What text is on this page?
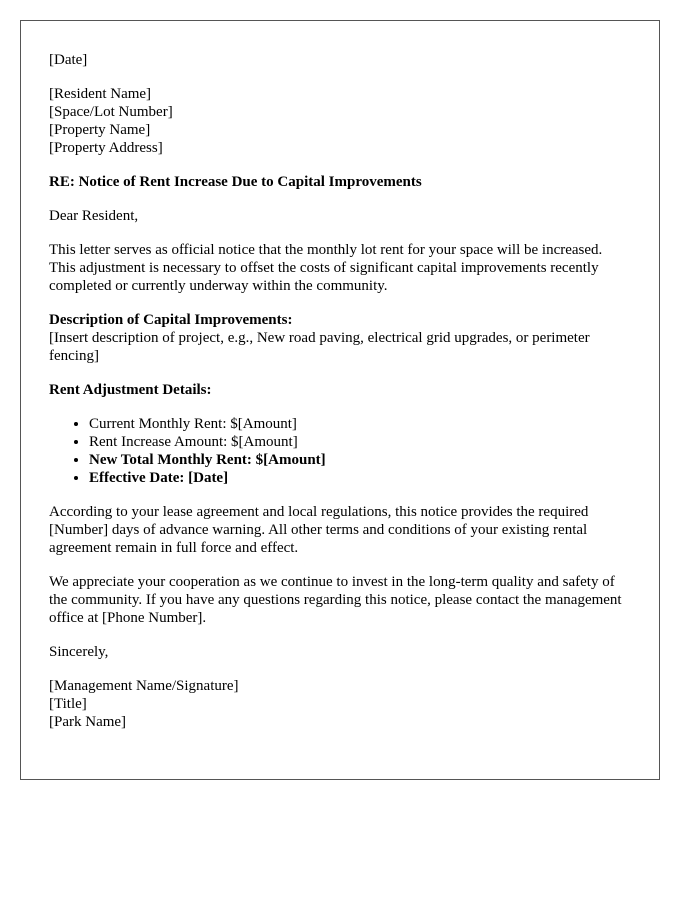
[Date]

[Resident Name]
[Space/Lot Number]
[Property Name]
[Property Address]

RE: Notice of Rent Increase Due to Capital Improvements

Dear Resident,

This letter serves as official notice that the monthly lot rent for your space will be increased. This adjustment is necessary to offset the costs of significant capital improvements recently completed or currently underway within the community.

Description of Capital Improvements:
[Insert description of project, e.g., New road paving, electrical grid upgrades, or perimeter fencing]

Rent Adjustment Details:

• Current Monthly Rent: $[Amount]
• Rent Increase Amount: $[Amount]
• New Total Monthly Rent: $[Amount]
• Effective Date: [Date]

According to your lease agreement and local regulations, this notice provides the required [Number] days of advance warning. All other terms and conditions of your existing rental agreement remain in full force and effect.

We appreciate your cooperation as we continue to invest in the long-term quality and safety of the community. If you have any questions regarding this notice, please contact the management office at [Phone Number].

Sincerely,

[Management Name/Signature]
[Title]
[Park Name]
